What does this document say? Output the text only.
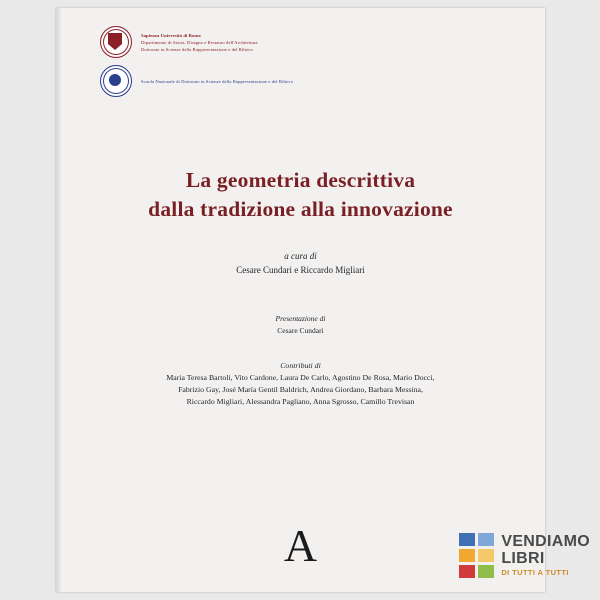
Sapienza Università di Roma
Dipartimento di Storia, Disegno e Restauro dell'Architettura
Dottorato in Scienze della Rappresentazione e del Rilievo
Scuola Nazionale di Dottorato in Scienze della Rappresentazione e del Rilievo
La geometria descrittiva
dalla tradizione alla innovazione
a cura di
Cesare Cundari e Riccardo Migliari
Presentazione di
Cesare Cundari
Contributi di
Maria Teresa Bartoli, Vito Cardone, Laura De Carlo, Agostino De Rosa, Mario Docci,
Fabrizio Gay, José María Gentil Baldrich, Andrea Giordano, Barbara Messina,
Riccardo Migliari, Alessandra Pagliano, Anna Sgrosso, Camillo Trevisan
A	VENDIAMO
LIBRI
DI TUTTI A TUTTI
